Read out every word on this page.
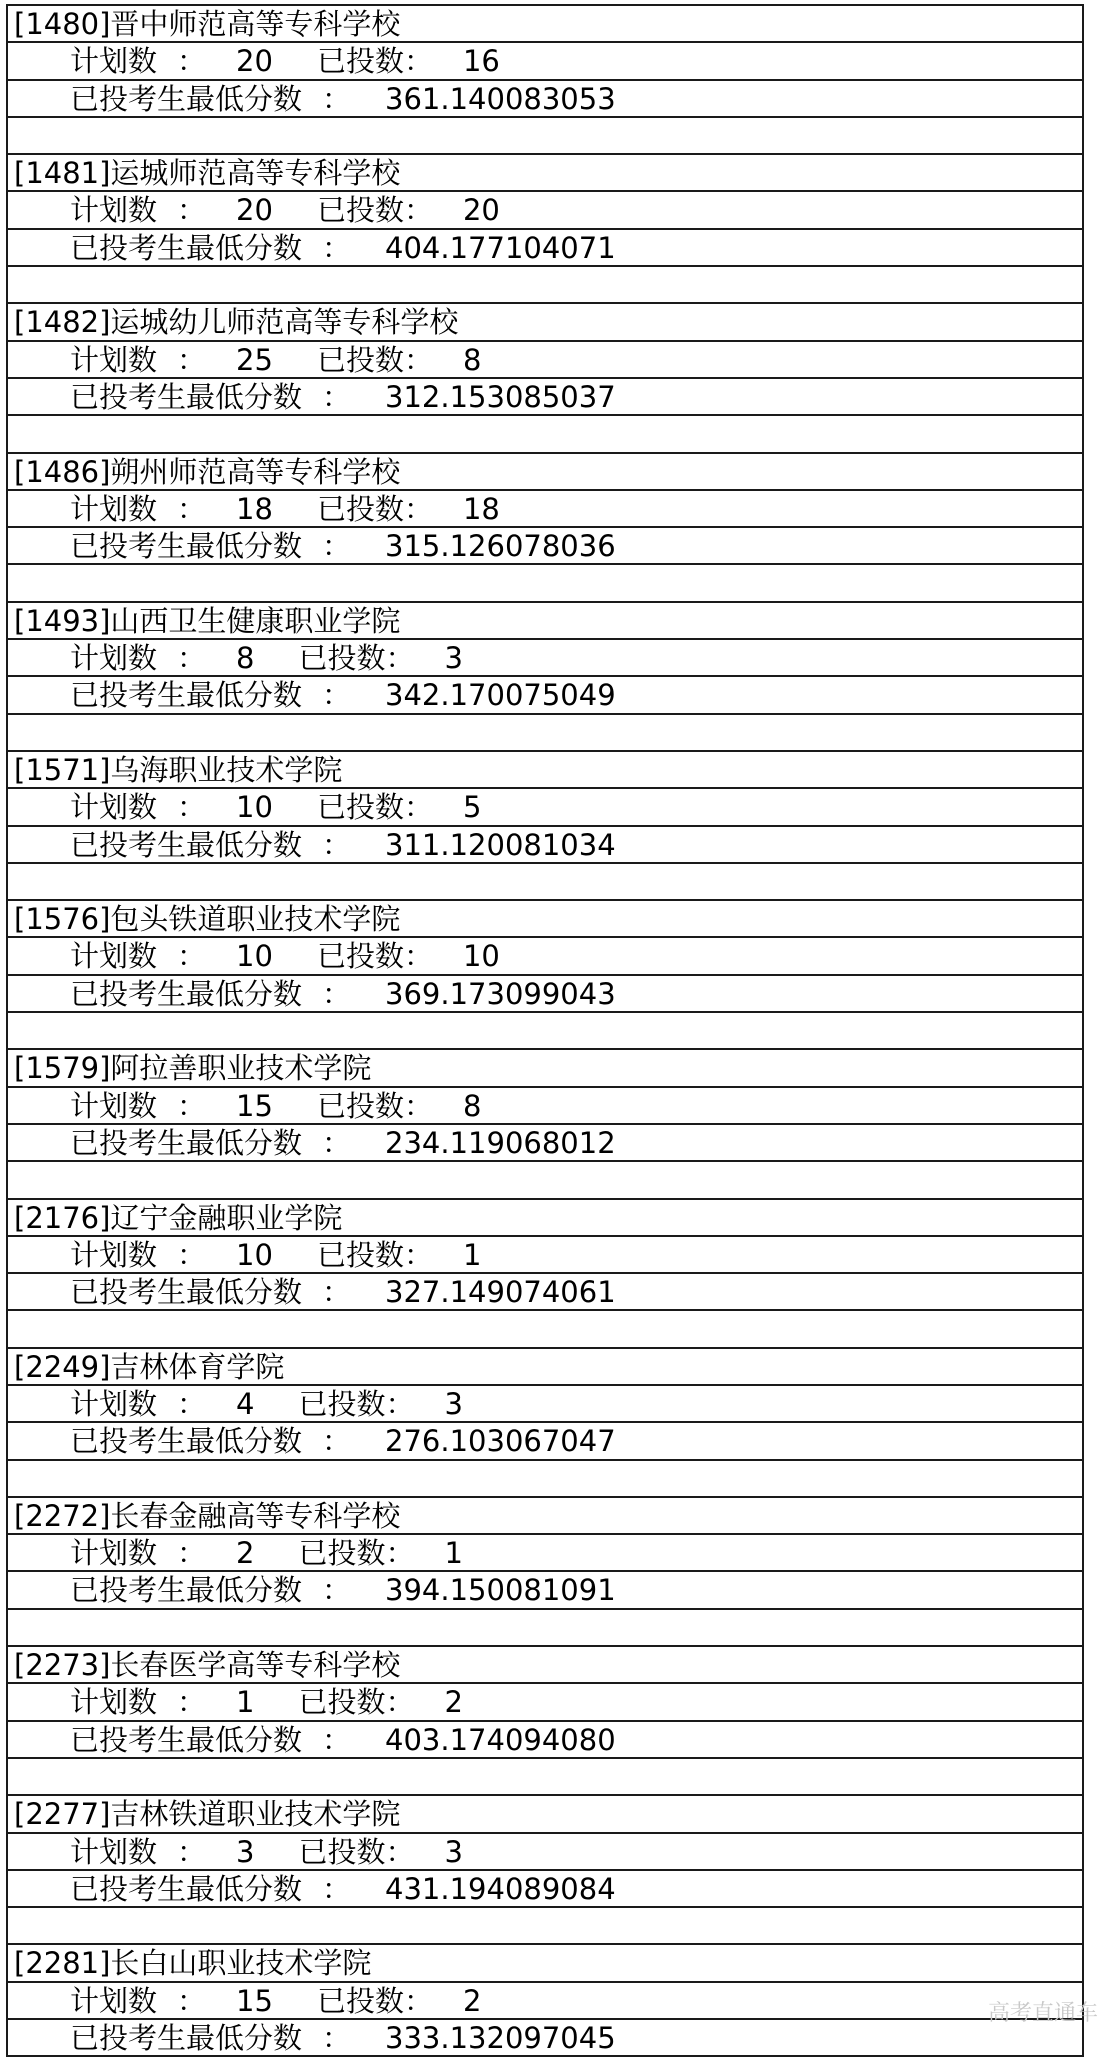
[1480]晋中师范高等专科学校
计划数 ： 20 已投数： 16
已投考生最低分数 ： 361.140083053
[1481]运城师范高等专科学校
计划数 ： 20 已投数： 20
已投考生最低分数 ： 404.177104071
[1482]运城幼儿师范高等专科学校
计划数 ： 25 已投数： 8
已投考生最低分数 ： 312.153085037
[1486]朔州师范高等专科学校
计划数 ： 18 已投数： 18
已投考生最低分数 ： 315.126078036
[1493]山西卫生健康职业学院
计划数 ： 8 已投数： 3
已投考生最低分数 ： 342.170075049
[1571]乌海职业技术学院
计划数 ： 10 已投数： 5
已投考生最低分数 ： 311.120081034
[1576]包头铁道职业技术学院
计划数 ： 10 已投数： 10
已投考生最低分数 ： 369.173099043
[1579]阿拉善职业技术学院
计划数 ： 15 已投数： 8
已投考生最低分数 ： 234.119068012
[2176]辽宁金融职业学院
计划数 ： 10 已投数： 1
已投考生最低分数 ： 327.149074061
[2249]吉林体育学院
计划数 ： 4 已投数： 3
已投考生最低分数 ： 276.103067047
[2272]长春金融高等专科学校
计划数 ： 2 已投数： 1
已投考生最低分数 ： 394.150081091
[2273]长春医学高等专科学校
计划数 ： 1 已投数： 2
已投考生最低分数 ： 403.174094080
[2277]吉林铁道职业技术学院
计划数 ： 3 已投数： 3
已投考生最低分数 ： 431.194089084
[2281]长白山职业技术学院
计划数 ： 15 已投数： 2
已投考生最低分数 ： 333.132097045
高考直通车
